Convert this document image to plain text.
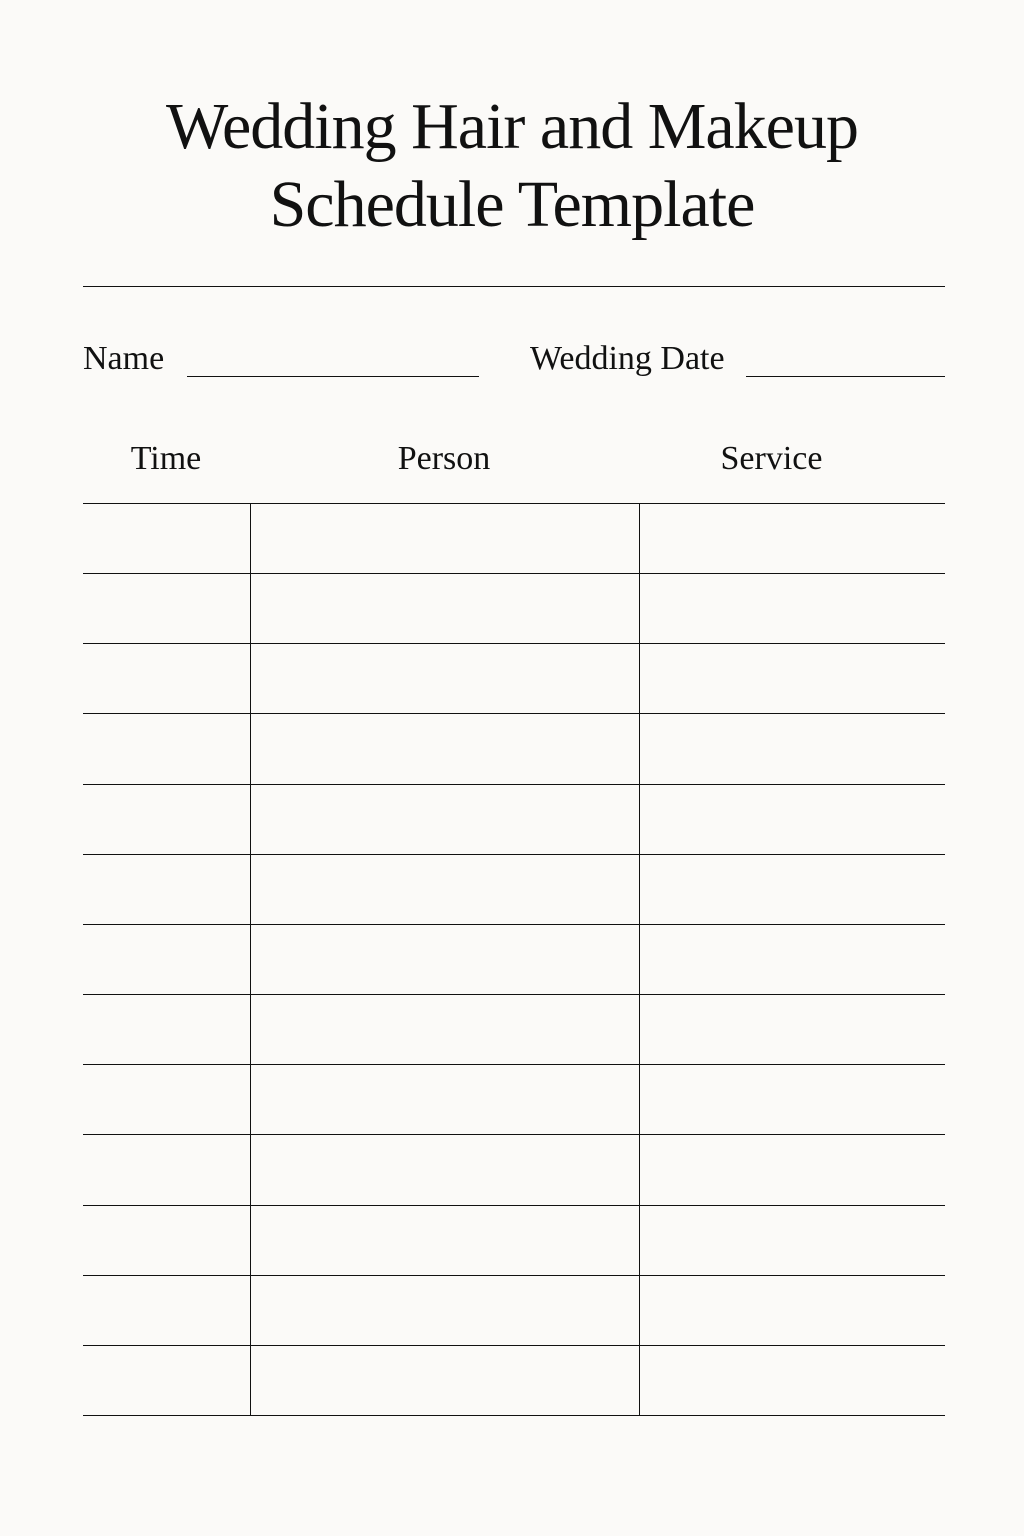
Wedding Hair and Makeup
Schedule Template
Name	Wedding Date
Time	Person	Service
